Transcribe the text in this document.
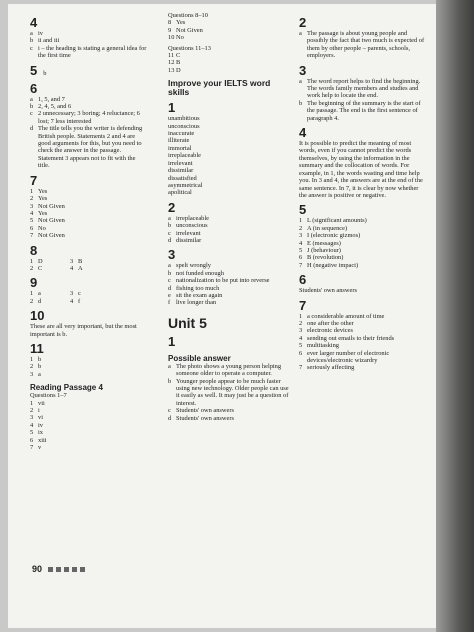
4
a iv
b ii and iii
c i – the heading is stating a general idea for the first time
5 b
6
a 1, 5, and 7
b 2, 4, 5, and 6
c 2 unnecessary; 3 boring; 4 reluctance; 6 lost; 7 less interested
d The title tells you the writer is defending British people. Statements 2 and 4 are good arguments for this, but you need to check the answer in the passage. Statement 3 appears not to fit with the title.
7
1 Yes
2 Yes
3 Not Given
4 Yes
5 Not Given
6 No
7 Not Given
8
1 D	3 B
2 C	4 A
9
1 a	3 c
2 d	4 f
10
These are all very important, but the most important is b.
11
1 b
2 b
3 a
Reading Passage 4
Questions 1–7
1 vii
2 i
3 vi
4 iv
5 ix
6 xiii
7 v
Questions 8–10
8 Yes
9 Not Given
10 No
Questions 11–13
11 C
12 B
13 D
Improve your IELTS word skills
1
unambitious
unconscious
inaccurate
illiterate
immortal
irreplaceable
irrelevant
dissimilar
dissatisfied
asymmetrical
apolitical
2
a irreplaceable
b unconscious
c irrelevant
d dissimilar
3
a spelt wrongly
b not funded enough
c nationalization to be put into reverse
d fishing too much
e sit the exam again
f live longer than
Unit 5
1
Possible answer
a The photo shows a young person helping someone older to operate a computer.
b Younger people appear to be much faster using new technology. Older people can use it easily as well. It may just be a question of interest.
c Students' own answers
d Students' own answers
2
a The passage is about young people and possibly the fact that two much is expected of them by other people – parents, schools, employers.
3
a The word report helps to find the beginning. The words family members and studies and work help to locate the end.
b The beginning of the summary is the start of the passage. The end is the first sentence of paragraph 4.
4
It is possible to predict the meaning of most words, even if you cannot predict the words themselves, by using the information in the summary and the collocation of words. For example, in 1, the words wasting and time help you. In 3 and 4, the answers are at the end of the same sentence. In 7, it is clear by now whether the answer is positive or negative.
5
1 L (significant amounts)
2 A (in sequence)
3 I (electronic gizmos)
4 E (messages)
5 J (behaviour)
6 B (revolution)
7 H (negative impact)
6
Students' own answers
7
1 a considerable amount of time
2 one after the other
3 electronic devices
4 sending out emails to their friends
5 multitasking
6 ever larger number of electronic devices/electronic wizardry
7 seriously affecting
90
